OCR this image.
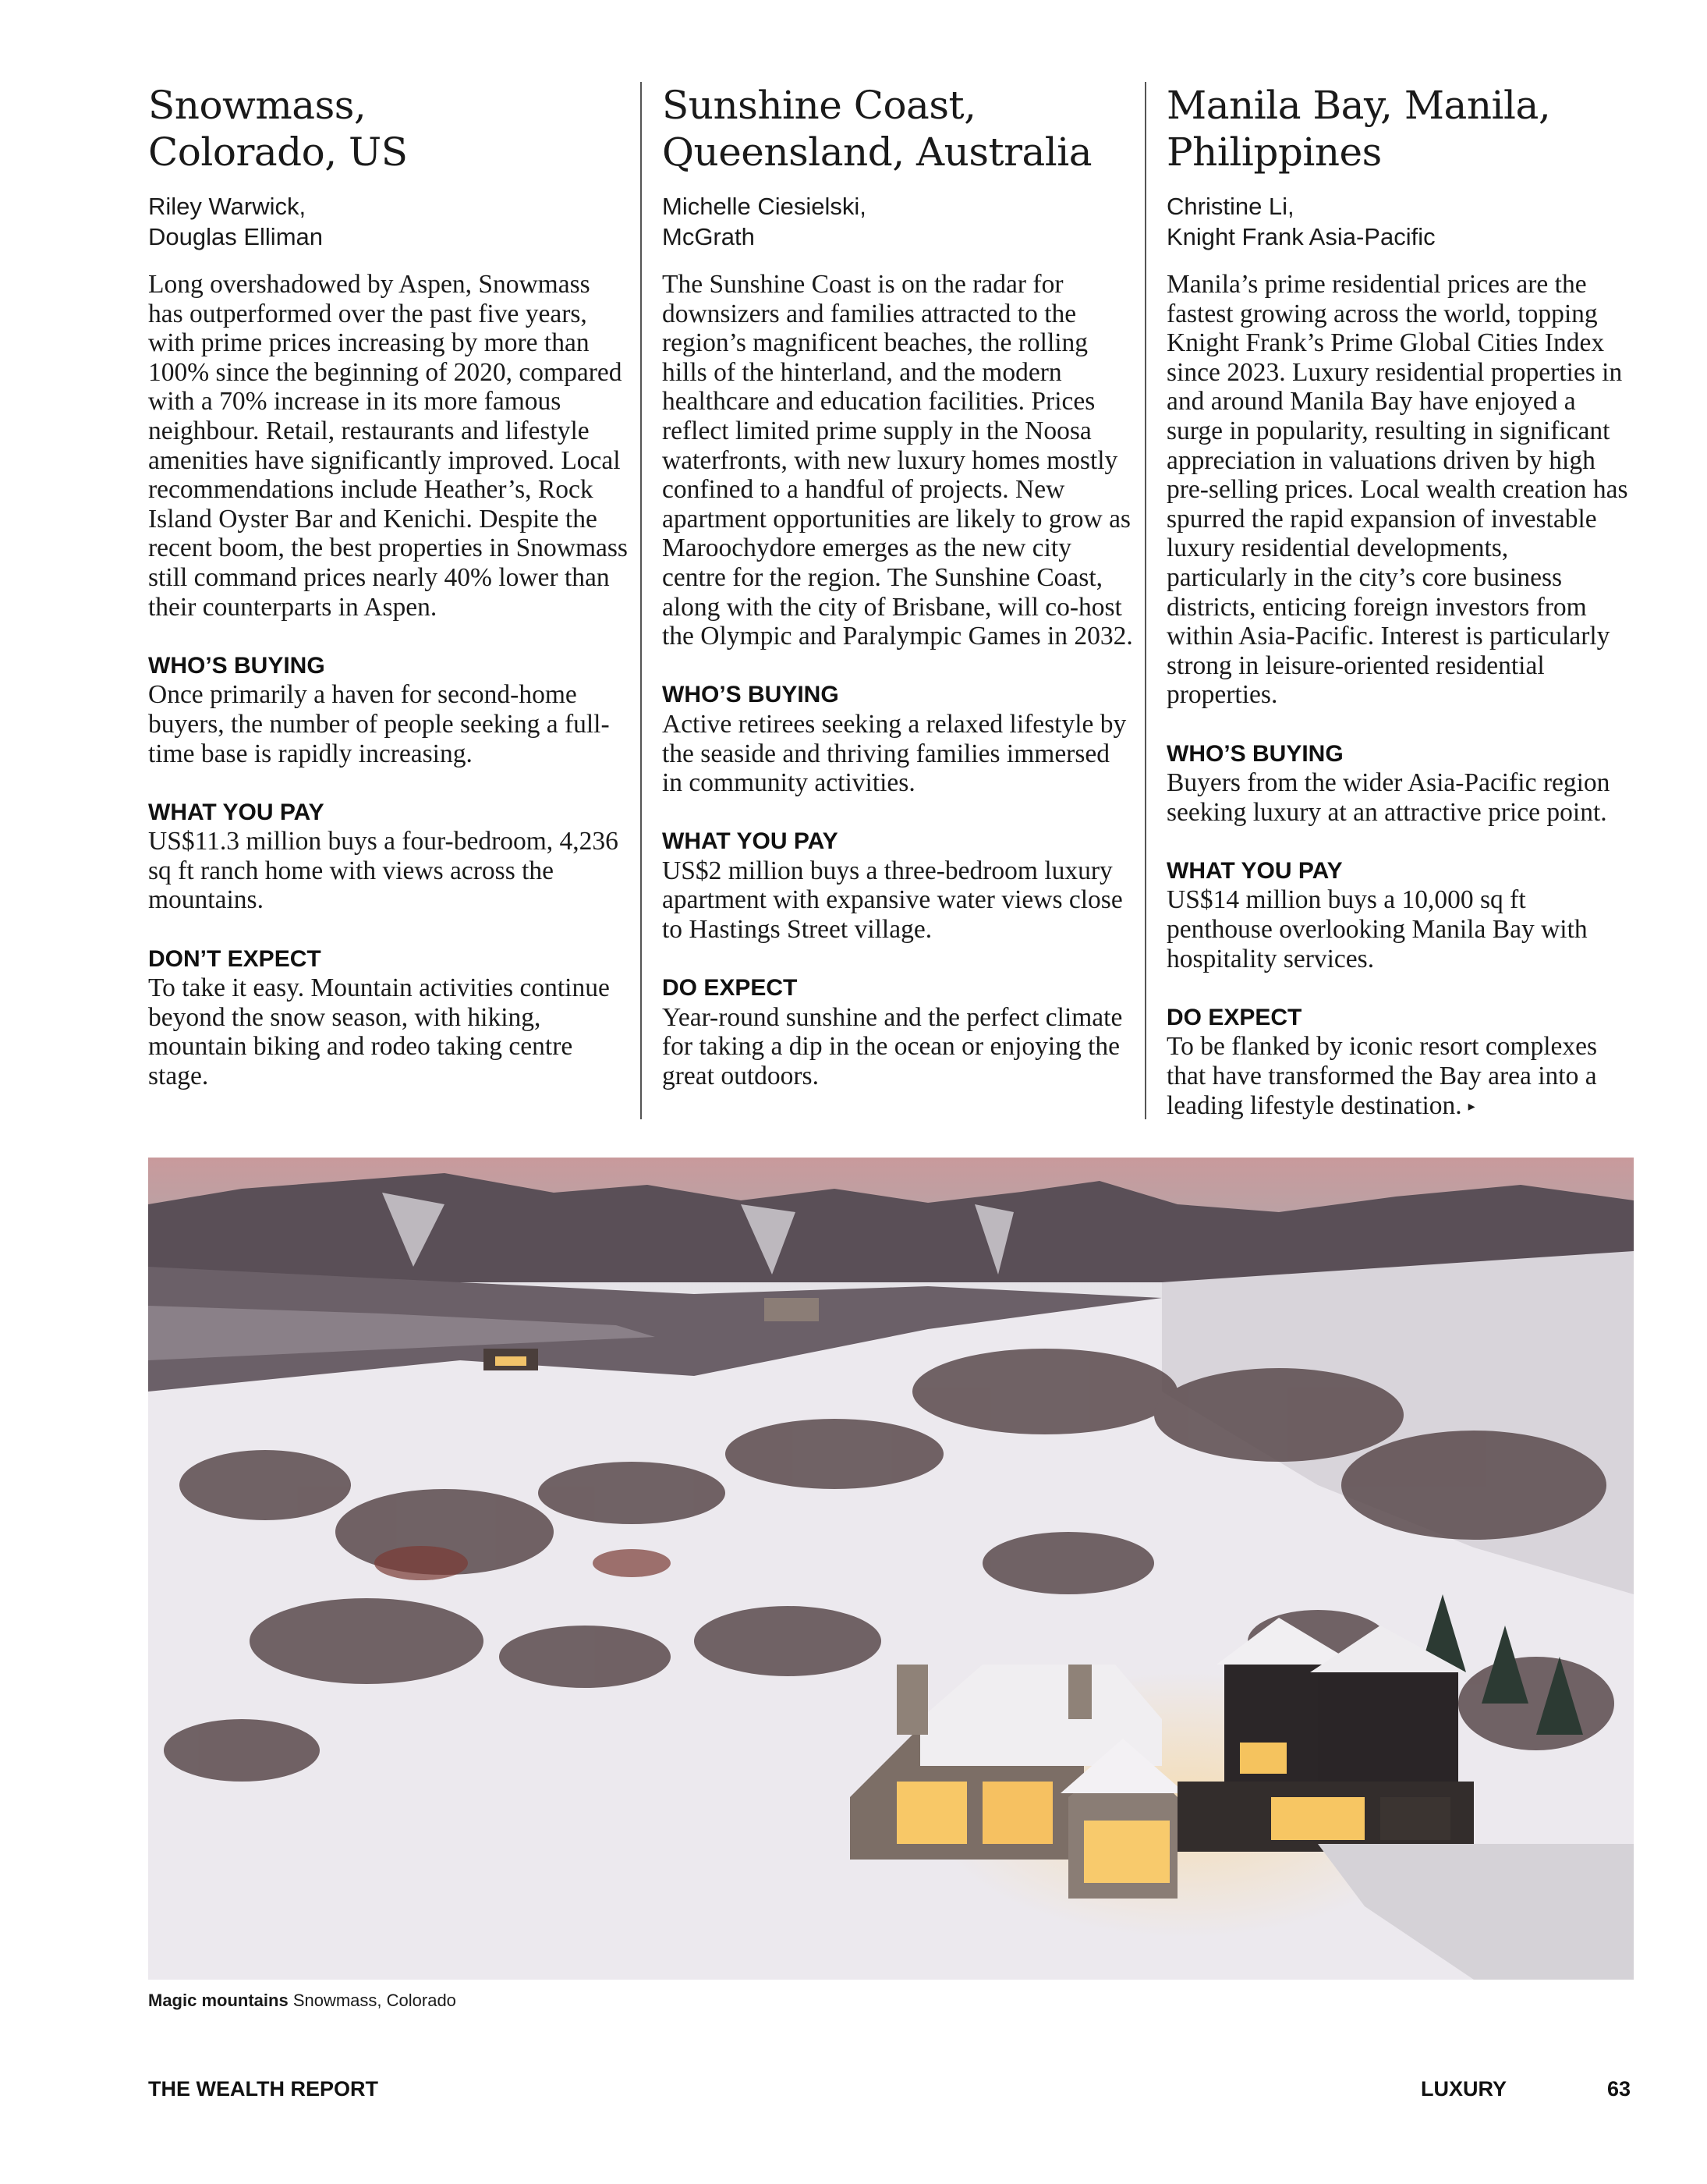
Snowmass,
Colorado, US
Riley Warwick,
Douglas Elliman

Long overshadowed by Aspen, Snowmass has outperformed over the past five years, with prime prices increasing by more than 100% since the beginning of 2020, compared with a 70% increase in its more famous neighbour. Retail, restaurants and lifestyle amenities have significantly improved. Local recommendations include Heather’s, Rock Island Oyster Bar and Kenichi. Despite the recent boom, the best properties in Snowmass still command prices nearly 40% lower than their counterparts in Aspen.

WHO’S BUYING

Once primarily a haven for second-home buyers, the number of people seeking a full-time base is rapidly increasing.

WHAT YOU PAY

US$11.3 million buys a four-bedroom, 4,236 sq ft ranch home with views across the mountains.

DON’T EXPECT

To take it easy. Mountain activities continue beyond the snow season, with hiking, mountain biking and rodeo taking centre stage.

Sunshine Coast,
Queensland, Australia
Michelle Ciesielski,
McGrath

The Sunshine Coast is on the radar for downsizers and families attracted to the region’s magnificent beaches, the rolling hills of the hinterland, and the modern healthcare and education facilities. Prices reflect limited prime supply in the Noosa waterfronts, with new luxury homes mostly confined to a handful of projects. New apartment opportunities are likely to grow as Maroochydore emerges as the new city centre for the region. The Sunshine Coast, along with the city of Brisbane, will co-host the Olympic and Paralympic Games in 2032.

WHO’S BUYING

Active retirees seeking a relaxed lifestyle by the seaside and thriving families immersed in community activities.

WHAT YOU PAY

US$2 million buys a three-bedroom luxury apartment with expansive water views close to Hastings Street village.

DO EXPECT

Year-round sunshine and the perfect climate for taking a dip in the ocean or enjoying the great outdoors.

Manila Bay, Manila,
Philippines
Christine Li,
Knight Frank Asia-Pacific

Manila’s prime residential prices are the fastest growing across the world, topping Knight Frank’s Prime Global Cities Index since 2023. Luxury residential properties in and around Manila Bay have enjoyed a surge in popularity, resulting in significant appreciation in valuations driven by high pre-selling prices. Local wealth creation has spurred the rapid expansion of investable luxury residential developments, particularly in the city’s core business districts, enticing foreign investors from within Asia-Pacific. Interest is particularly strong in leisure-oriented residential properties.

WHO’S BUYING

Buyers from the wider Asia-Pacific region seeking luxury at an attractive price point.

WHAT YOU PAY

US$14 million buys a 10,000 sq ft penthouse overlooking Manila Bay with hospitality services.

DO EXPECT

To be flanked by iconic resort complexes that have transformed the Bay area into a leading lifestyle destination. ▸

Magic mountains Snowmass, Colorado
THE WEALTH REPORT	LUXURY	63
